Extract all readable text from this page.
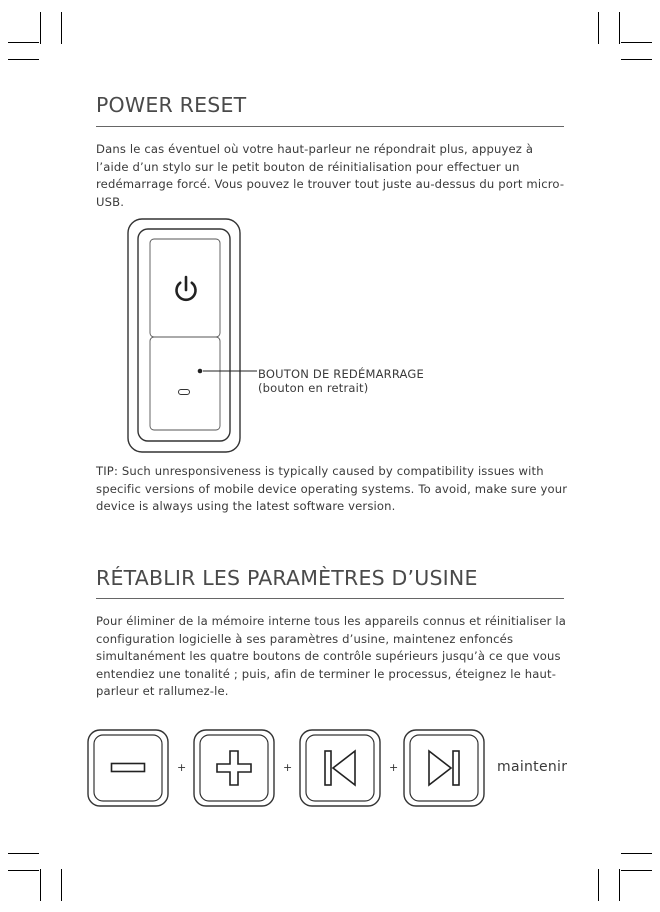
POWER RESET

Dans le cas éventuel où votre haut-parleur ne répondrait plus, appuyez à l’aide d’un stylo sur le petit bouton de réinitialisation pour effectuer un redémarrage forcé. Vous pouvez le trouver tout juste au-dessus du port micro-USB.

BOUTON DE REDÉMARRAGE
(bouton en retrait)

TIP: Such unresponsiveness is typically caused by compatibility issues with specific versions of mobile device operating systems. To avoid, make sure your device is always using the latest software version.

RÉTABLIR LES PARAMÈTRES D’USINE

Pour éliminer de la mémoire interne tous les appareils connus et réinitialiser la configuration logicielle à ses paramètres d’usine, maintenez enfoncés simultanément les quatre boutons de contrôle supérieurs jusqu’à ce que vous entendiez une tonalité ; puis, afin de terminer le processus, éteignez le haut-parleur et rallumez-le.

+	+	+	maintenir
